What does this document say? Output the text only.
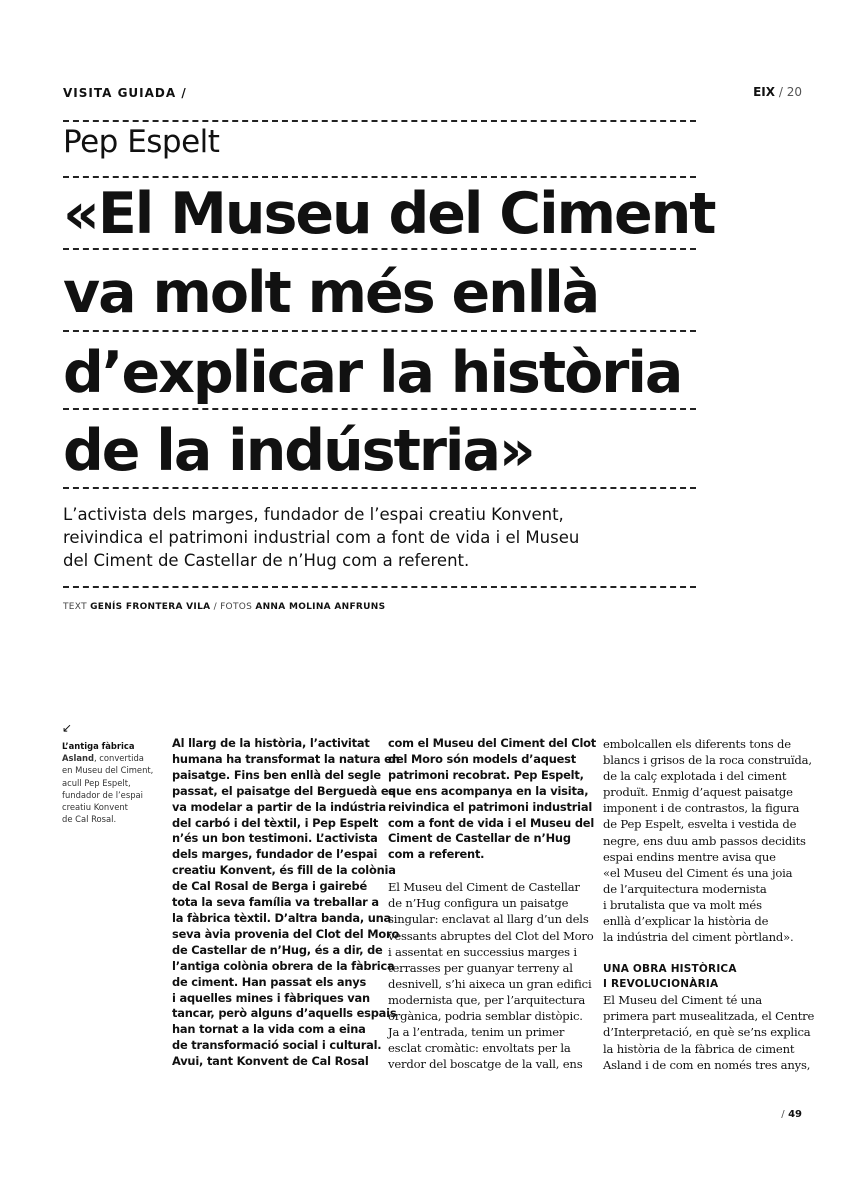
VISITA GUIADA /	EIX / 20
Pep Espelt
«El Museu del Ciment
va molt més enllà
d’explicar la història
de la indústria»
L’activista dels marges, fundador de l’espai creatiu Konvent,
reivindica el patrimoni industrial com a font de vida i el Museu
del Ciment de Castellar de n’Hug com a referent.
TEXT GENÍS FRONTERA VILA / FOTOS ANNA MOLINA ANFRUNS
↙
L’antiga fàbrica
Asland, convertida
en Museu del Ciment,
acull Pep Espelt,
fundador de l’espai
creatiu Konvent
de Cal Rosal.
Al llarg de la història, l’activitat
humana ha transformat la natura en
paisatge. Fins ben enllà del segle
passat, el paisatge del Berguedà es
va modelar a partir de la indústria
del carbó i del tèxtil, i Pep Espelt
n’és un bon testimoni. L’activista
dels marges, fundador de l’espai
creatiu Konvent, és fill de la colònia
de Cal Rosal de Berga i gairebé
tota la seva família va treballar a
la fàbrica tèxtil. D’altra banda, una
seva àvia provenia del Clot del Moro
de Castellar de n’Hug, és a dir, de
l’antiga colònia obrera de la fàbrica
de ciment. Han passat els anys
i aquelles mines i fàbriques van
tancar, però alguns d’aquells espais
han tornat a la vida com a eina
de transformació social i cultural.
Avui, tant Konvent de Cal Rosal
com el Museu del Ciment del Clot
del Moro són models d’aquest
patrimoni recobrat. Pep Espelt,
que ens acompanya en la visita,
reivindica el patrimoni industrial
com a font de vida i el Museu del
Ciment de Castellar de n’Hug
com a referent.
El Museu del Ciment de Castellar
de n’Hug configura un paisatge
singular: enclavat al llarg d’un dels
vessants abruptes del Clot del Moro
i assentat en successius marges i
terrasses per guanyar terreny al
desnivell, s’hi aixeca un gran edifici
modernista que, per l’arquitectura
orgànica, podria semblar distòpic.
Ja a l’entrada, tenim un primer
esclat cromàtic: envoltats per la
verdor del boscatge de la vall, ens
embolcallen els diferents tons de
blancs i grisos de la roca construïda,
de la calç explotada i del ciment
produït. Enmig d’aquest paisatge
imponent i de contrastos, la figura
de Pep Espelt, esvelta i vestida de
negre, ens duu amb passos decidits
espai endins mentre avisa que
«el Museu del Ciment és una joia
de l’arquitectura modernista
i brutalista que va molt més
enllà d’explicar la història de
la indústria del ciment pòrtland».
UNA OBRA HISTÒRICA
I REVOLUCIONÀRIA
El Museu del Ciment té una
primera part musealitzada, el Centre
d’Interpretació, en què se’ns explica
la història de la fàbrica de ciment
Asland i de com en només tres anys,
/ 49
